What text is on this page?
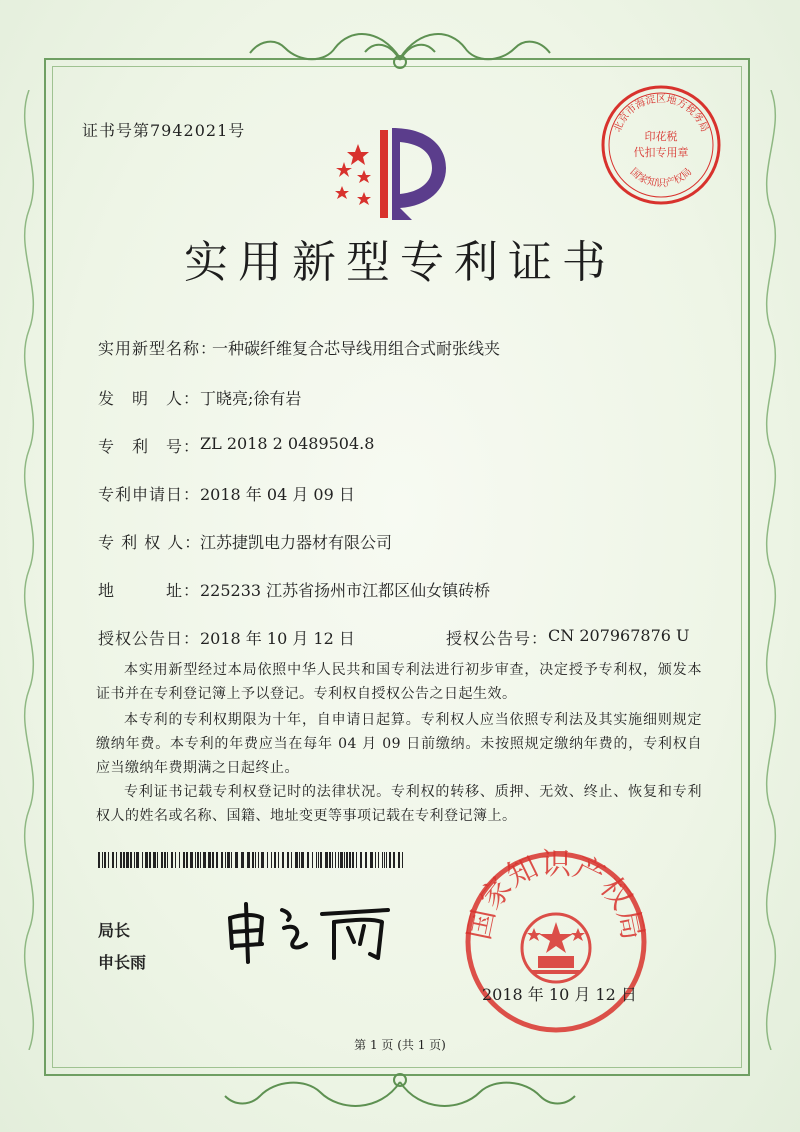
证书号第7942021号	北京市海淀区地方税务局
印花税
代扣专用章
国家知识产权局
实用新型专利证书
实用新型名称：
一种碳纤维复合芯导线用组合式耐张线夹
发　明　人： 丁晓亮;徐有岩
专　利　号： ZL 2018 2 0489504.8
专利申请日： 2018 年 04 月 09 日
专 利 权 人：
江苏捷凯电力器材有限公司
地　　　址： 225233 江苏省扬州市江都区仙女镇砖桥
授权公告日： 2018 年 10 月 12 日	授权公告号： CN 207967876 U
本实用新型经过本局依照中华人民共和国专利法进行初步审查，决定授予专利权，颁发本证书并在专利登记簿上予以登记。专利权自授权公告之日起生效。
本专利的专利权期限为十年，自申请日起算。专利权人应当依照专利法及其实施细则规定缴纳年费。本专利的年费应当在每年 04 月 09 日前缴纳。未按照规定缴纳年费的，专利权自应当缴纳年费期满之日起终止。
专利证书记载专利权登记时的法律状况。专利权的转移、质押、无效、终止、恢复和专利权人的姓名或名称、国籍、地址变更等事项记载在专利登记簿上。
局长
申长雨
国家知识产权局
2018 年 10 月 12 日
第 1 页 (共 1 页)
